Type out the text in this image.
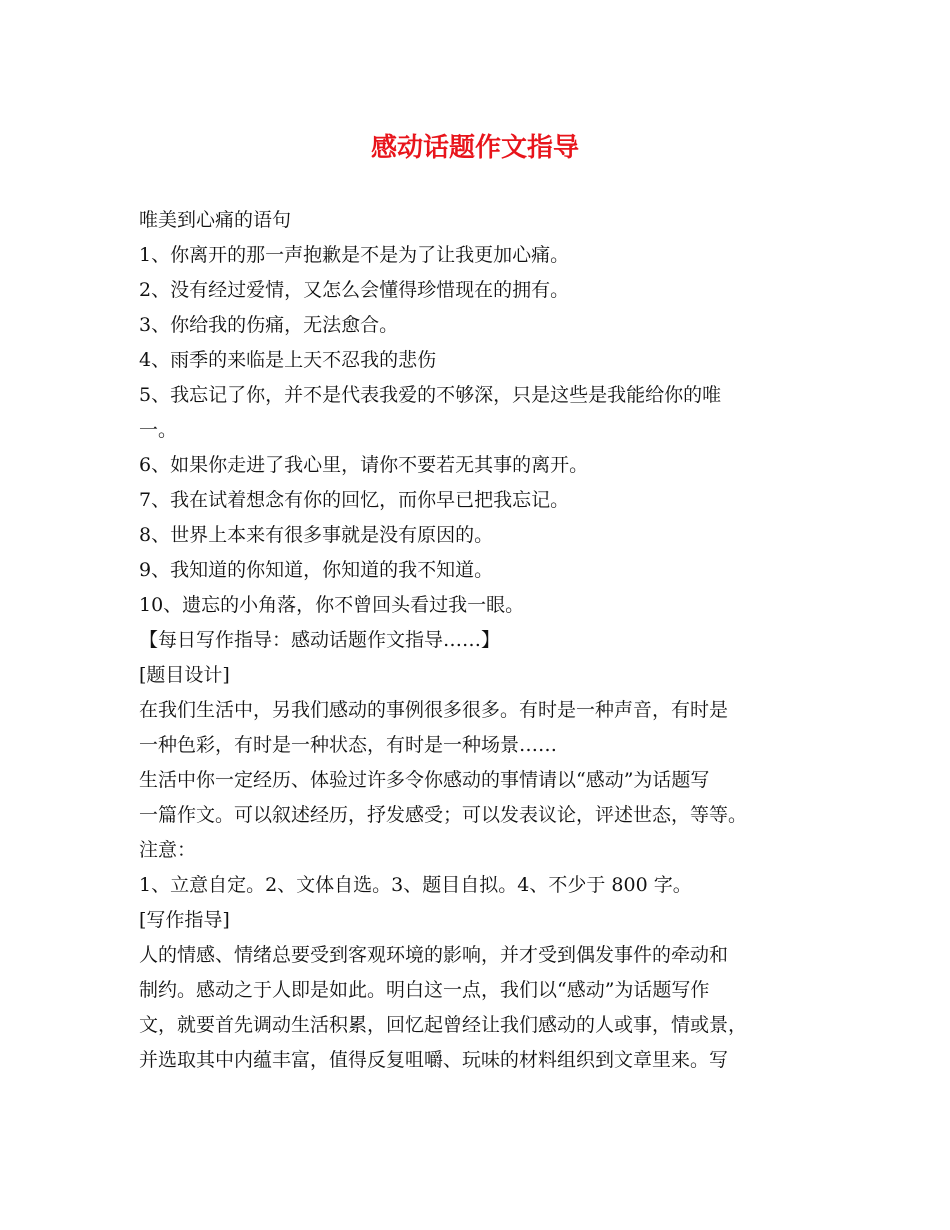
感动话题作文指导
唯美到心痛的语句
1、你离开的那一声抱歉是不是为了让我更加心痛。
2、没有经过爱情，又怎么会懂得珍惜现在的拥有。
3、你给我的伤痛，无法愈合。
4、雨季的来临是上天不忍我的悲伤
5、我忘记了你，并不是代表我爱的不够深，只是这些是我能给你的唯
一。
6、如果你走进了我心里，请你不要若无其事的离开。
7、我在试着想念有你的回忆，而你早已把我忘记。
8、世界上本来有很多事就是没有原因的。
9、我知道的你知道，你知道的我不知道。
10、遗忘的小角落，你不曾回头看过我一眼。
【每日写作指导：感动话题作文指导……】
[题目设计]
在我们生活中，另我们感动的事例很多很多。有时是一种声音，有时是
一种色彩，有时是一种状态，有时是一种场景……
生活中你一定经历、体验过许多令你感动的事情请以“感动”为话题写
一篇作文。可以叙述经历，抒发感受；可以发表议论，评述世态，等等。
注意：
1、立意自定。2、文体自选。3、题目自拟。4、不少于 800 字。
[写作指导]
人的情感、情绪总要受到客观环境的影响，并才受到偶发事件的牵动和
制约。感动之于人即是如此。明白这一点，我们以“感动”为话题写作
文，就要首先调动生活积累，回忆起曾经让我们感动的人或事，情或景，
并选取其中内蕴丰富，值得反复咀嚼、玩味的材料组织到文章里来。写
